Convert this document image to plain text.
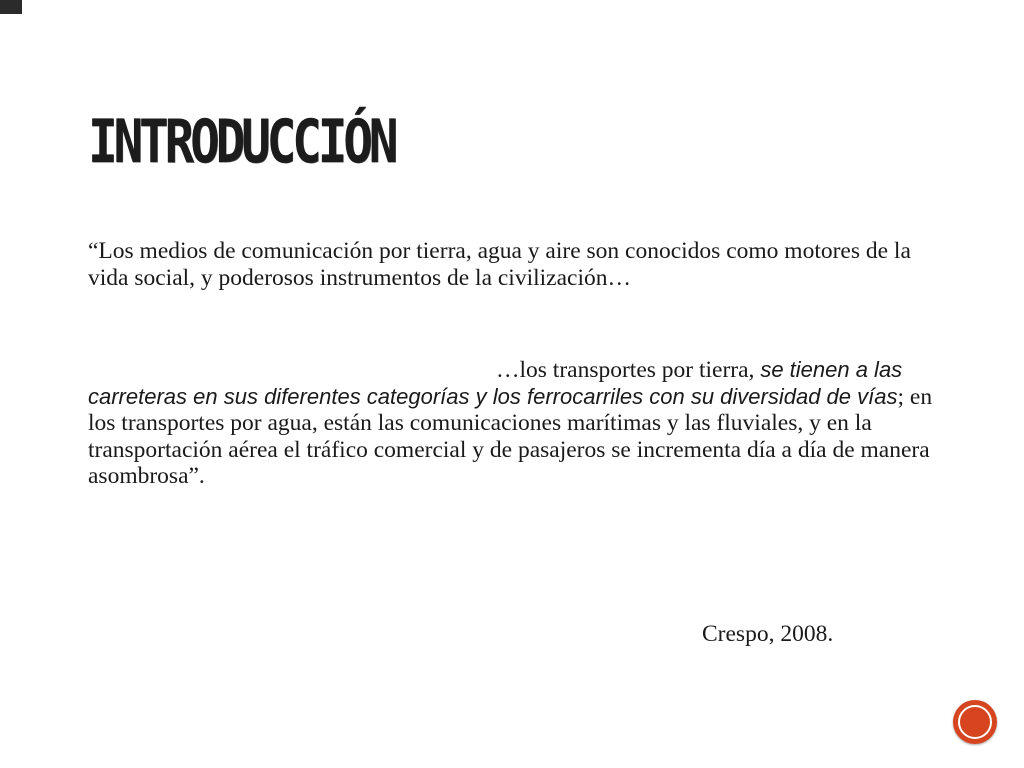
INTRODUCCIÓN

“Los medios de comunicación por tierra, agua y aire son conocidos como motores de la vida social, y poderosos instrumentos de la civilización…

…los transportes por tierra, se tienen a las carreteras en sus diferentes categorías y los ferrocarriles con su diversidad de vías; en los transportes por agua, están las comunicaciones marítimas y las fluviales, y en la transportación aérea el tráfico comercial y de pasajeros se incrementa día a día de manera asombrosa”.

Crespo, 2008.
